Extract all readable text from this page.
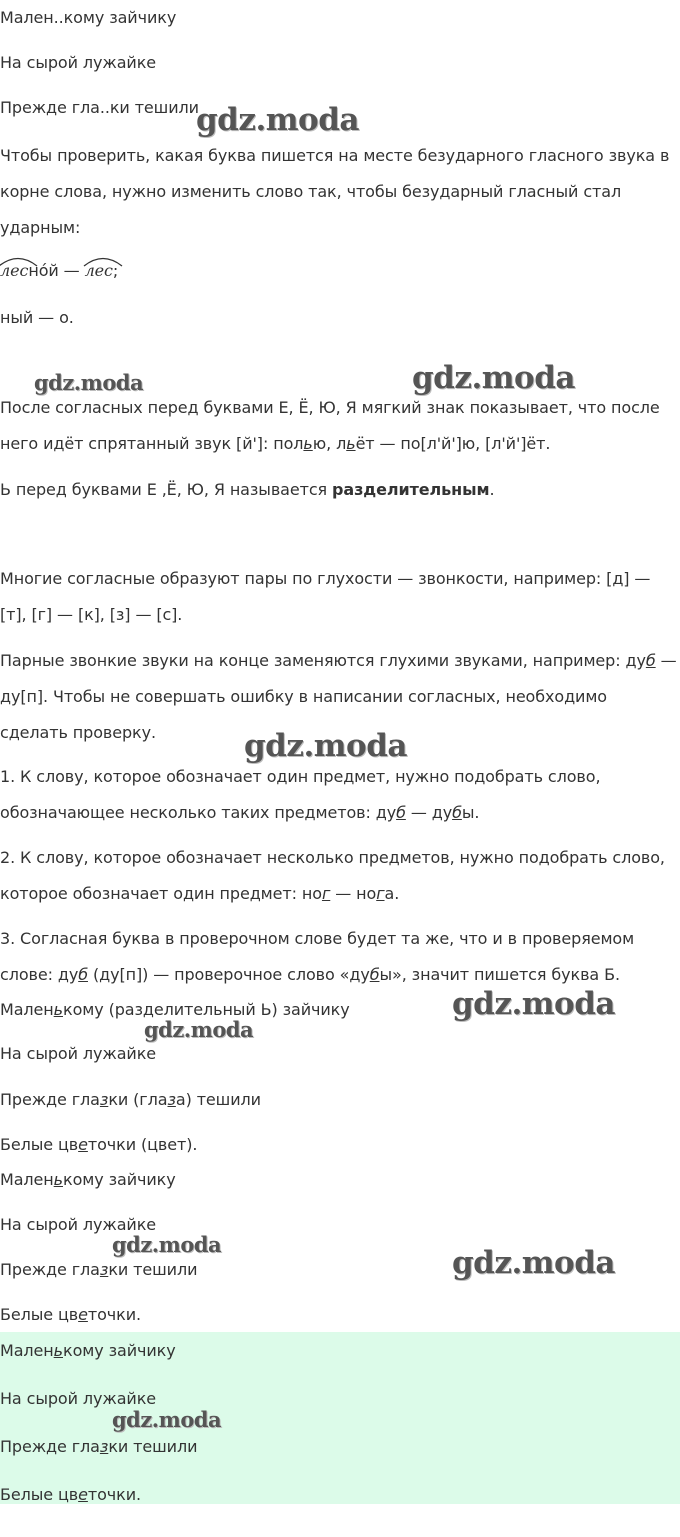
Мален..кому зайчику

На сырой лужайке

Прежде гла..ки тешили

Чтобы проверить, какая буква пишется на месте безударного гласного звука в корне слова, нужно изменить слово так, чтобы безударный гласный стал ударным:

леснóй —
лес;

ный — о.

После согласных перед буквами Е, Ё, Ю, Я мягкий знак показывает, что после него идёт спрятанный звук [й']: полью, льёт — по[л'й']ю, [л'й']ёт.

Ь перед буквами Е ,Ё, Ю, Я называется разделительным.

Многие согласные образуют пары по глухости — звонкости, например: [д] — [т], [г] — [к], [з] — [с].

Парные звонкие звуки на конце заменяются глухими звуками, например: дуб — ду[п]. Чтобы не совершать ошибку в написании согласных, необходимо сделать проверку.

1. К слову, которое обозначает один предмет, нужно подобрать слово, обозначающее несколько таких предметов: дуб — дубы.

2. К слову, которое обозначает несколько предметов, нужно подобрать слово, которое обозначает один предмет: ног — нога.

3. Согласная буква в проверочном слове будет та же, что и в проверяемом слове: дуб (ду[п]) — проверочное слово «дубы», значит пишется буква Б.

Маленькому (разделительный Ь) зайчику

На сырой лужайке

Прежде глазки (глаза) тешили

Белые цветочки (цвет).

Маленькому зайчику

На сырой лужайке

Прежде глазки тешили

Белые цветочки.

Маленькому зайчику

На сырой лужайке

Прежде глазки тешили

Белые цветочки.

gdz.moda
gdz.moda	gdz.moda
gdz.moda
gdz.moda
gdz.moda
gdz.moda
gdz.moda
gdz.moda
